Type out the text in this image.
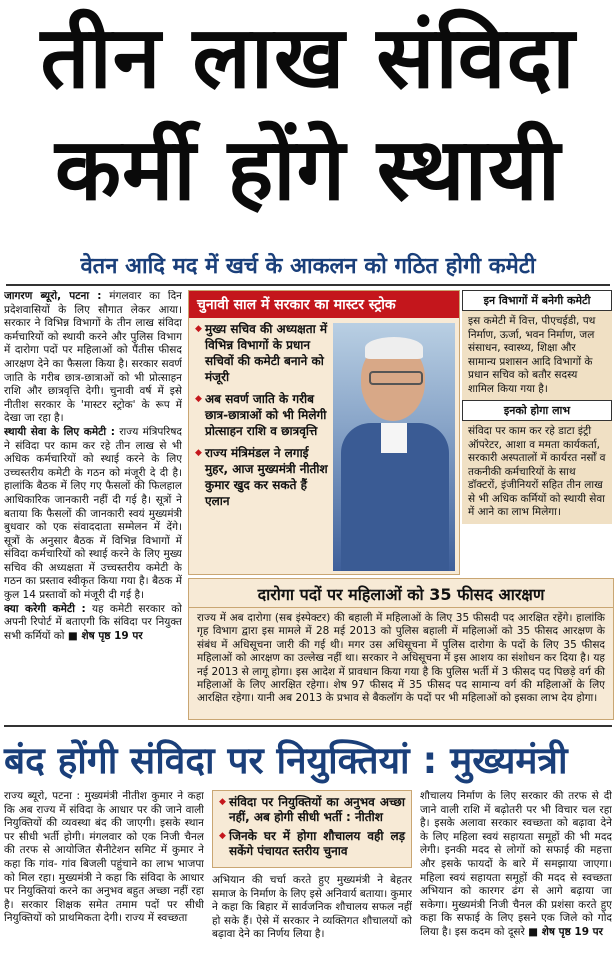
तीन लाख संविदा
कर्मी होंगे स्थायी
वेतन आदि मद में खर्च के आकलन को गठित होगी कमेटी
जागरण ब्यूरो, पटना : मंगलवार का दिन प्रदेशवासियों के लिए सौगात लेकर आया। सरकार ने विभिन्न विभागों के तीन लाख संविदा कर्मचारियों को स्थायी करने और पुलिस विभाग में दारोगा पदों पर महिलाओं को पैंतीस फीसद आरक्षण देने का फैसला किया है। सरकार सवर्ण जाति के गरीब छात्र-छात्राओं को भी प्रोत्साहन राशि और छात्रवृत्ति देगी। चुनावी वर्ष में इसे नीतीश सरकार के 'मास्टर स्ट्रोक' के रूप में देखा जा रहा है।
स्थायी सेवा के लिए कमेटी : राज्य मंत्रिपरिषद ने संविदा पर काम कर रहे तीन लाख से भी अधिक कर्मचारियों को स्थाई करने के लिए उच्चस्तरीय कमेटी के गठन को मंजूरी दे दी है। हालांकि बैठक में लिए गए फैसलों की फिलहाल आधिकारिक जानकारी नहीं दी गई है। सूत्रों ने बताया कि फैसलों की जानकारी स्वयं मुख्यमंत्री बुधवार को एक संवाददाता सम्मेलन में देंगे। सूत्रों के अनुसार बैठक में विभिन्न विभागों में संविदा कर्मचारियों को स्थाई करने के लिए मुख्य सचिव की अध्यक्षता में उच्चस्तरीय कमेटी के गठन का प्रस्ताव स्वीकृत किया गया है। बैठक में कुल 14 प्रस्तावों को मंजूरी दी गई है।
क्या करेगी कमेटी : यह कमेटी सरकार को अपनी रिपोर्ट में बताएगी कि संविदा पर नियुक्त सभी कर्मियों को ■ शेष पृष्ठ 19 पर
चुनावी साल में सरकार का मास्टर स्ट्रोक
◆ मुख्य सचिव की अध्यक्षता में विभिन्न विभागों के प्रधान सचिवों की कमेटी बनाने को मंजूरी
◆ अब सवर्ण जाति के गरीब छात्र-छात्राओं को भी मिलेगी प्रोत्साहन राशि व छात्रवृत्ति
◆ राज्य मंत्रिमंडल ने लगाई मुहर, आज मुख्यमंत्री नीतीश कुमार खुद कर सकते हैं एलान
इन विभागों में बनेगी कमेटी
इस कमेटी में वित्त, पीएचईडी, पथ निर्माण, ऊर्जा, भवन निर्माण, जल संसाधन, स्वास्थ्य, शिक्षा और सामान्य प्रशासन आदि विभागों के प्रधान सचिव को बतौर सदस्य शामिल किया गया है।
इनको होगा लाभ
संविदा पर काम कर रहे डाटा इंट्री ऑपरेटर, आशा व ममता कार्यकर्ता, सरकारी अस्पतालों में कार्यरत नर्सों व तकनीकी कर्मचारियों के साथ डॉक्टरों, इंजीनियरों सहित तीन लाख से भी अधिक कर्मियों को स्थायी सेवा में आने का लाभ मिलेगा।
दारोगा पदों पर महिलाओं को 35 फीसद आरक्षण
राज्य में अब दारोगा (सब इंस्पेक्टर) की बहाली में महिलाओं के लिए 35 फीसदी पद आरक्षित रहेंगे। हालांकि गृह विभाग द्वारा इस मामले में 28 मई 2013 को पुलिस बहाली में महिलाओं को 35 फीसद आरक्षण के संबंध में अधिसूचना जारी की गई थी। मगर उस अधिसूचना में पुलिस दारोगा के पदों के लिए 35 फीसद महिलाओं को आरक्षण का उल्लेख नहीं था। सरकार ने अधिसूचना में इस आशय का संशोधन कर दिया है। यह नई 2013 से लागू होगा। इस आदेश में प्रावधान किया गया है कि पुलिस भर्ती में 3 फीसद पद पिछड़े वर्ग की महिलाओं के लिए आरक्षित रहेगा। शेष 97 फीसद में 35 फीसद पद सामान्य वर्ग की महिलाओं के लिए आरक्षित रहेगा। यानी अब 2013 के प्रभाव से बैकलॉग के पदों पर भी महिलाओं को इसका लाभ देय होगा।
बंद होंगी संविदा पर नियुक्तियां : मुख्यमंत्री
राज्य ब्यूरो, पटना : मुख्यमंत्री नीतीश कुमार ने कहा कि अब राज्य में संविदा के आधार पर की जाने वाली नियुक्तियों की व्यवस्था बंद की जाएगी। इसके स्थान पर सीधी भर्ती होगी। मंगलवार को एक निजी चैनल की तरफ से आयोजित सैनीटेशन समिट में कुमार ने कहा कि गांव- गांव बिजली पहुंचाने का लाभ भाजपा को मिल रहा। मुख्यमंत्री ने कहा कि संविदा के आधार पर नियुक्तियां करने का अनुभव बहुत अच्छा नहीं रहा है। सरकार शिक्षक समेत तमाम पदों पर सीधी नियुक्तियों को प्राथमिकता देगी। राज्य में स्वच्छता
◆ संविदा पर नियुक्तियों का अनुभव अच्छा नहीं, अब होगी सीधी भर्ती : नीतीश
◆ जिनके घर में होगा शौचालय वही लड़ सकेंगे पंचायत स्तरीय चुनाव
अभियान की चर्चा करते हुए मुख्यमंत्री ने बेहतर समाज के निर्माण के लिए इसे अनिवार्य बताया। कुमार ने कहा कि बिहार में सार्वजनिक शौचालय सफल नहीं हो सके हैं। ऐसे में सरकार ने व्यक्तिगत शौचालयों को बढ़ावा देने का निर्णय लिया है।
शौचालय निर्माण के लिए सरकार की तरफ से दी जाने वाली राशि में बढ़ोतरी पर भी विचार चल रहा है। इसके अलावा सरकार स्वच्छता को बढ़ावा देने के लिए महिला स्वयं सहायता समूहों की भी मदद लेगी। इनकी मदद से लोगों को सफाई की महत्ता और इसके फायदों के बारे में समझाया जाएगा। महिला स्वयं सहायता समूहों की मदद से स्वच्छता अभियान को कारगर ढंग से आगे बढ़ाया जा सकेगा। मुख्यमंत्री निजी चैनल की प्रशंसा करते हुए कहा कि सफाई के लिए इसने एक जिले को गोद लिया है। इस कदम को दूसरे ■ शेष पृष्ठ 19 पर
